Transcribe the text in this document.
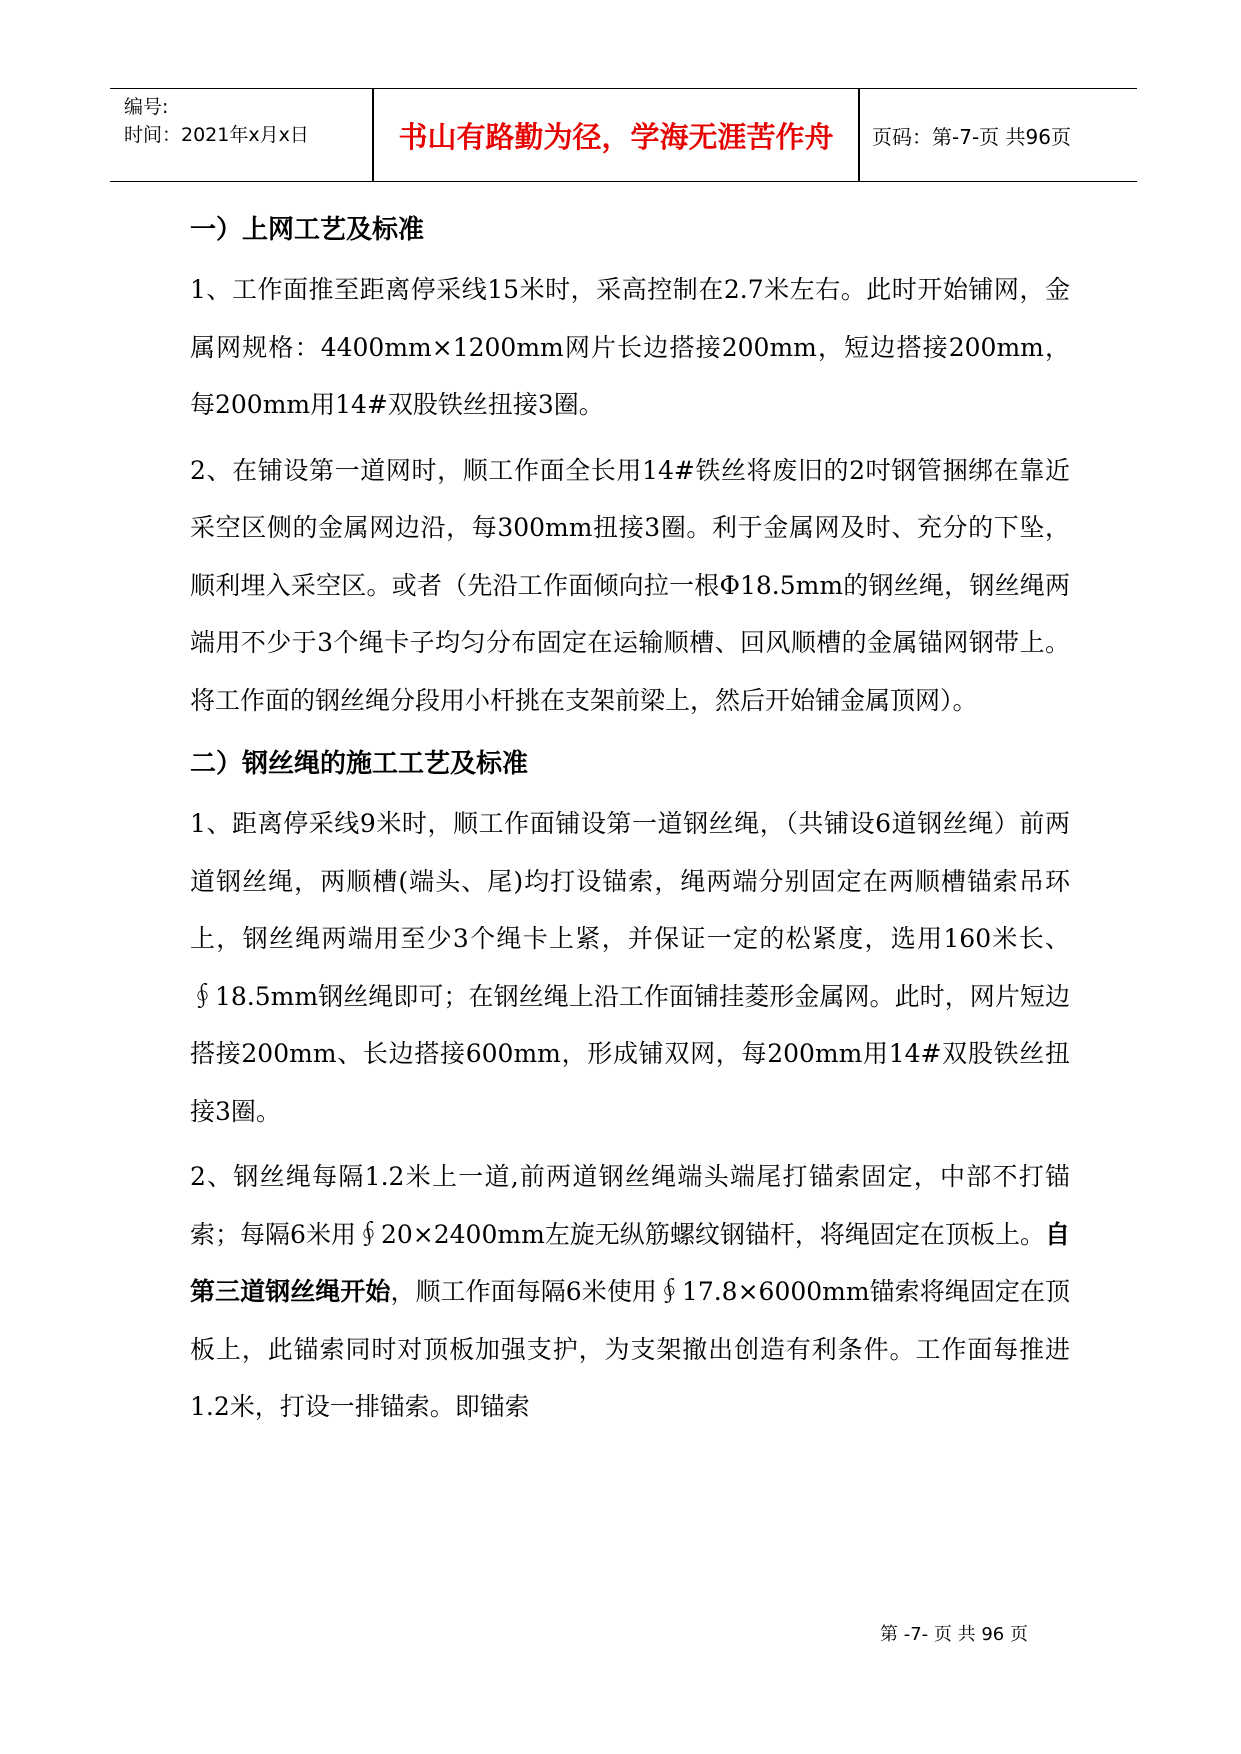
编号:
时间：2021年x月x日	书山有路勤为径，学海无涯苦作舟	页码：第-7-页 共96页
一）上网工艺及标准

1、工作面推至距离停采线15米时，采高控制在2.7米左右。此时开始铺网，金属网规格：4400mm×1200mm网片长边搭接200mm，短边搭接200mm，每200mm用14#双股铁丝扭接3圈。

2、在铺设第一道网时，顺工作面全长用14#铁丝将废旧的2吋钢管捆绑在靠近采空区侧的金属网边沿，每300mm扭接3圈。利于金属网及时、充分的下坠，顺利埋入采空区。或者（先沿工作面倾向拉一根Φ18.5mm的钢丝绳，钢丝绳两端用不少于3个绳卡子均匀分布固定在运输顺槽、回风顺槽的金属锚网钢带上。将工作面的钢丝绳分段用小杆挑在支架前梁上，然后开始铺金属顶网）。

二）钢丝绳的施工工艺及标准

1、距离停采线9米时，顺工作面铺设第一道钢丝绳，（共铺设6道钢丝绳）前两道钢丝绳，两顺槽(端头、尾)均打设锚索，绳两端分别固定在两顺槽锚索吊环上，钢丝绳两端用至少3个绳卡上紧，并保证一定的松紧度，选用160米长、∮18.5mm钢丝绳即可；在钢丝绳上沿工作面铺挂菱形金属网。此时，网片短边搭接200mm、长边搭接600mm，形成铺双网，每200mm用14#双股铁丝扭接3圈。

2、钢丝绳每隔1.2米上一道,前两道钢丝绳端头端尾打锚索固定，中部不打锚索；每隔6米用∮20×2400mm左旋无纵筋螺纹钢锚杆，将绳固定在顶板上。自第三道钢丝绳开始，顺工作面每隔6米使用∮17.8×6000mm锚索将绳固定在顶板上，此锚索同时对顶板加强支护，为支架撤出创造有利条件。工作面每推进1.2米，打设一排锚索。即锚索

第 -7- 页 共 96 页
